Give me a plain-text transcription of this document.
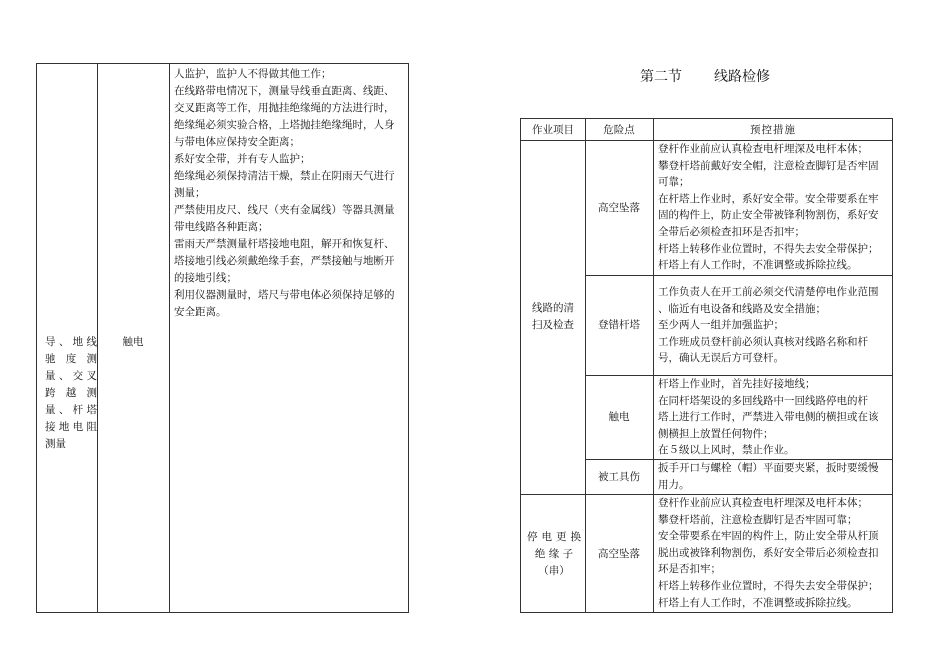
导、地线
驰度测
量、交叉
跨越测
量、杆塔
接地电阻
测量
触电
人监护，监护人不得做其他工作；
在线路带电情况下，测量导线垂直距离、线距、
交叉距离等工作，用抛挂绝缘绳的方法进行时，
绝缘绳必须实验合格，上塔抛挂绝缘绳时，人身
与带电体应保持安全距离；
系好安全带，并有专人监护；
绝缘绳必须保持清洁干燥，禁止在阴雨天气进行
测量；
严禁使用皮尺、线尺（夹有金属线）等器具测量
带电线路各种距离；
雷雨天严禁测量杆塔接地电阻，解开和恢复杆、
塔接地引线必须戴绝缘手套，严禁接触与地断开
的接地引线；
利用仪器测量时，塔尺与带电体必须保持足够的
安全距离。
第二节 线路检修
作业项目	危险点	预控措施
线路的清
扫及检查
高空坠落
登杆作业前应认真检查电杆埋深及电杆本体；
攀登杆塔前戴好安全帽，注意检查脚钉是否牢固
可靠；
在杆塔上作业时，系好安全带。安全带要系在牢
固的构件上，防止安全带被锋利物割伤，系好安
全带后必须检查扣环是否扣牢；
杆塔上转移作业位置时，不得失去安全带保护；
杆塔上有人工作时，不准调整或拆除拉线。
登错杆塔
工作负责人在开工前必须交代清楚停电作业范围
、临近有电设备和线路及安全措施；
至少两人一组并加强监护；
工作班成员登杆前必须认真核对线路名称和杆
号，确认无误后方可登杆。
触电
杆塔上作业时，首先挂好接地线；
在同杆塔架设的多回线路中一回线路停电的杆
塔上进行工作时，严禁进入带电侧的横担或在该
侧横担上放置任何物件；
在５级以上风时，禁止作业。
被工具伤
扳手开口与螺栓（帽）平面要夹紧，扳时要缓慢
用力。
停电更换
绝 缘 子
（串）
高空坠落
登杆作业前应认真检查电杆埋深及电杆本体；
攀登杆塔前，注意检查脚钉是否牢固可靠；
安全带要系在牢固的构件上，防止安全带从杆顶
脱出或被锋利物割伤，系好安全带后必须检查扣
环是否扣牢；
杆塔上转移作业位置时，不得失去安全带保护；
杆塔上有人工作时，不准调整或拆除拉线。
